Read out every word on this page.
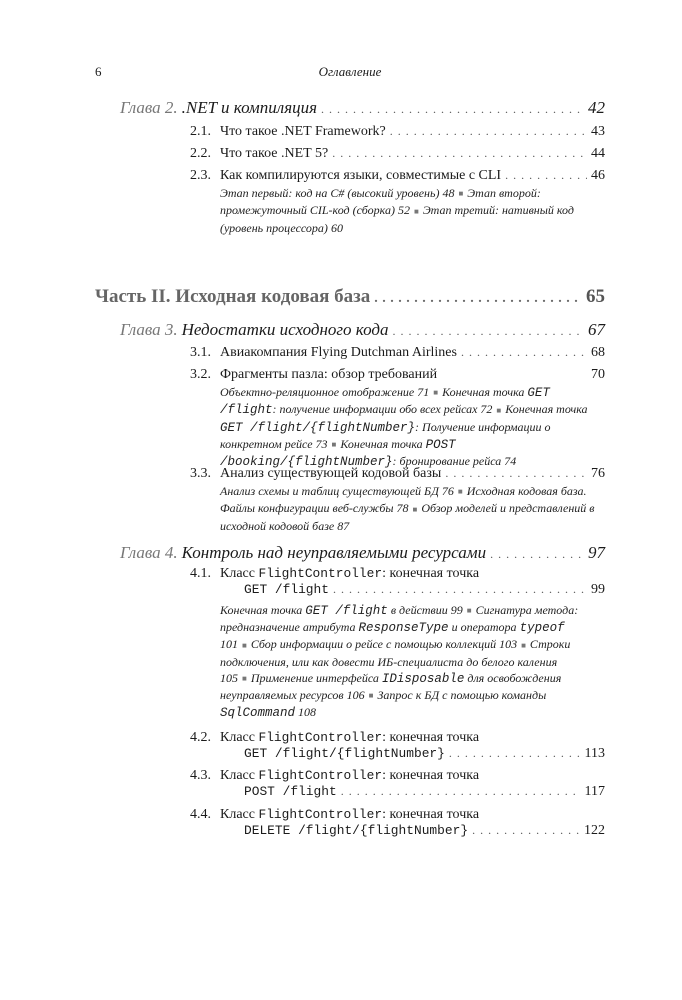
6	Оглавление
Глава 2. .NET и компиляция . . .	42
2.1. Что такое .NET Framework? . . .	43
2.2. Что такое .NET 5? . . .	44
2.3. Как компилируются языки, совместимые с CLI . . .	46
Этап первый: код на C# (высокий уровень) 48 ■ Этап второй: промежуточный CIL-код (сборка) 52 ■ Этап третий: нативный код (уровень процессора) 60
Часть II. Исходная кодовая база . . .	65
Глава 3. Недостатки исходного кода . . .	67
3.1. Авиакомпания Flying Dutchman Airlines . . .	68
3.2. Фрагменты пазла: обзор требований	70
Объектно-реляционное отображение 71 ■ Конечная точка GET /flight: получение информации обо всех рейсах 72 ■ Конечная точка GET /flight/{flightNumber}: Получение информации о конкретном рейсе 73 ■ Конечная точка POST /booking/{flightNumber}: бронирование рейса 74
3.3. Анализ существующей кодовой базы . . .	76
Анализ схемы и таблиц существующей БД 76 ■ Исходная кодовая база. Файлы конфигурации веб-службы 78 ■ Обзор моделей и представлений в исходной кодовой базе 87
Глава 4. Контроль над неуправляемыми ресурсами . . .	97
4.1. Класс
FlightController : конечная точка
GET /flight . . .	99
Конечная точка GET /flight в действии 99 ■ Сигнатура метода: предназначение атрибута ResponseType и оператора typeof 101 ■ Сбор информации о рейсе с помощью коллекций 103 ■ Строки подключения, или как довести ИБ-специалиста до белого каления 105 ■ Применение интерфейса IDisposable для освобождения неуправляемых ресурсов 106 ■ Запрос к БД с помощью команды SqlCommand 108
4.2. Класс
FlightController : конечная точка
GET /flight/{flightNumber} . . .	113
4.3. Класс
FlightController : конечная точка
POST /flight . . .	117
4.4. Класс
FlightController : конечная точка
DELETE /flight/{flightNumber} . . .	122
